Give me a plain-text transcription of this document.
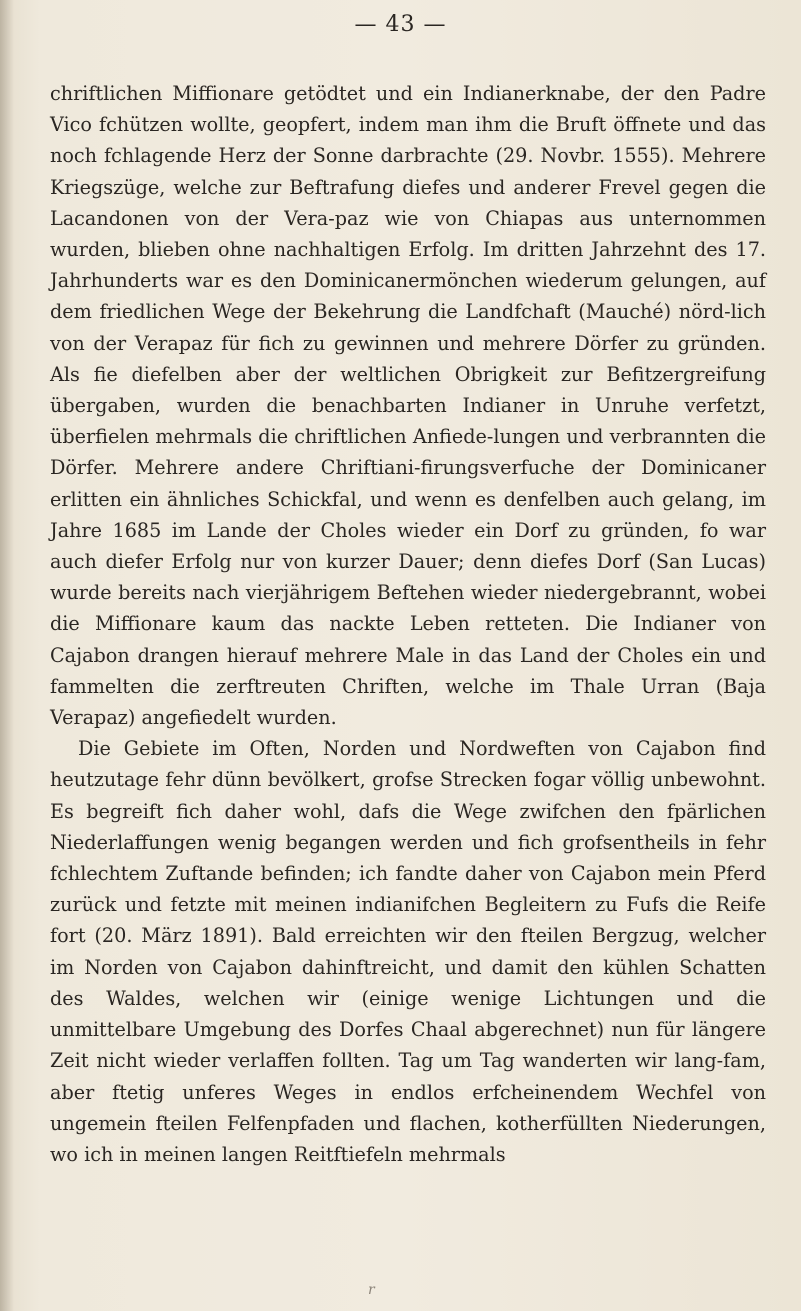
— 43 —

chriftlichen Miffionare getödtet und ein Indianerknabe, der den Padre Vico fchützen wollte, geopfert, indem man ihm die Bruft öffnete und das noch fchlagende Herz der Sonne darbrachte (29. Novbr. 1555). Mehrere Kriegszüge, welche zur Beftrafung diefes und anderer Frevel gegen die Lacandonen von der Vera-paz wie von Chiapas aus unternommen wurden, blieben ohne nachhaltigen Erfolg. Im dritten Jahrzehnt des 17. Jahrhunderts war es den Dominicanermönchen wiederum gelungen, auf dem friedlichen Wege der Bekehrung die Landfchaft (Mauché) nörd-lich von der Verapaz für fich zu gewinnen und mehrere Dörfer zu gründen. Als fie diefelben aber der weltlichen Obrigkeit zur Befitzergreifung übergaben, wurden die benachbarten Indianer in Unruhe verfetzt, überfielen mehrmals die chriftlichen Anfiede-lungen und verbrannten die Dörfer. Mehrere andere Chriftiani-firungsverfuche der Dominicaner erlitten ein ähnliches Schickfal, und wenn es denfelben auch gelang, im Jahre 1685 im Lande der Choles wieder ein Dorf zu gründen, fo war auch diefer Erfolg nur von kurzer Dauer; denn diefes Dorf (San Lucas) wurde bereits nach vierjährigem Beftehen wieder niedergebrannt, wobei die Miffionare kaum das nackte Leben retteten. Die Indianer von Cajabon drangen hierauf mehrere Male in das Land der Choles ein und fammelten die zerftreuten Chriften, welche im Thale Urran (Baja Verapaz) angefiedelt wurden.

Die Gebiete im Often, Norden und Nordweften von Cajabon find heutzutage fehr dünn bevölkert, grofse Strecken fogar völlig unbewohnt. Es begreift fich daher wohl, dafs die Wege zwifchen den fpärlichen Niederlaffungen wenig begangen werden und fich grofsentheils in fehr fchlechtem Zuftande befinden; ich fandte daher von Cajabon mein Pferd zurück und fetzte mit meinen indianifchen Begleitern zu Fufs die Reife fort (20. März 1891). Bald erreichten wir den fteilen Bergzug, welcher im Norden von Cajabon dahinftreicht, und damit den kühlen Schatten des Waldes, welchen wir (einige wenige Lichtungen und die unmittelbare Umgebung des Dorfes Chaal abgerechnet) nun für längere Zeit nicht wieder verlaffen follten. Tag um Tag wanderten wir lang-fam, aber ftetig unferes Weges in endlos erfcheinendem Wechfel von ungemein fteilen Felfenpfaden und flachen, kotherfüllten Niederungen, wo ich in meinen langen Reitftiefeln mehrmals

r
